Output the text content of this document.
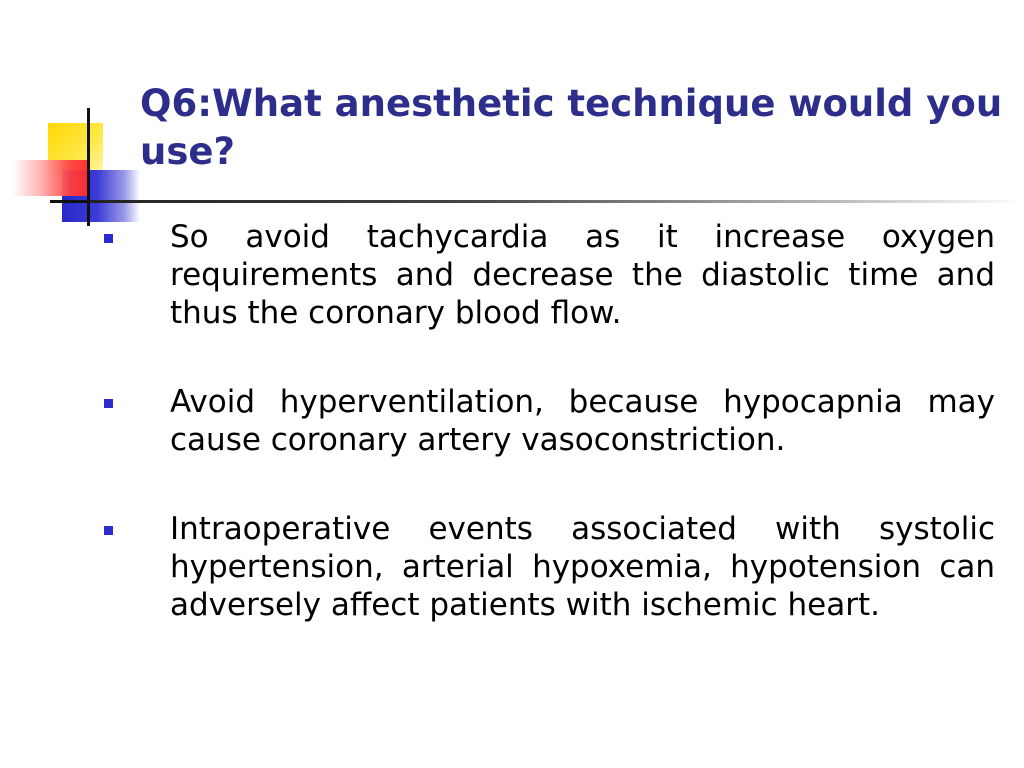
Q6:What anesthetic technique would you use?

So avoid tachycardia as it increase oxygen requirements and decrease the diastolic time and thus the coronary blood flow.

Avoid hyperventilation, because hypocapnia may cause coronary artery vasoconstriction.

Intraoperative events associated with systolic hypertension, arterial hypoxemia, hypotension can adversely affect patients with ischemic heart.
